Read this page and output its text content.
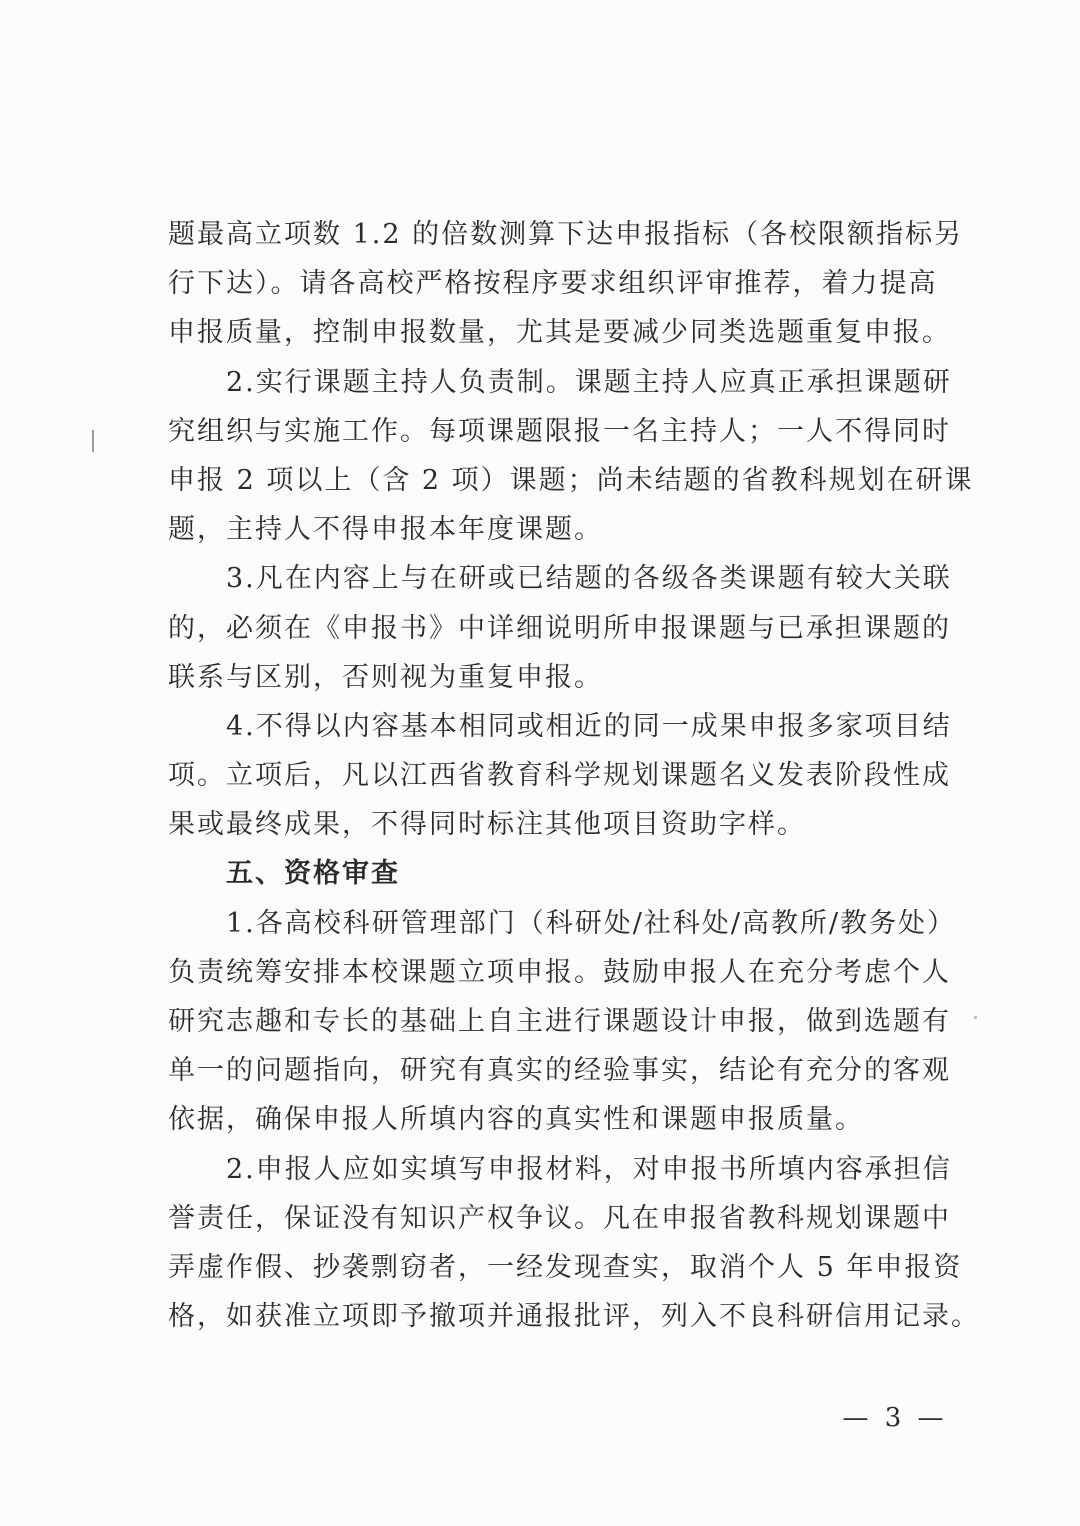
题最高立项数 1.2 的倍数测算下达申报指标（各校限额指标另
行下达）。请各高校严格按程序要求组织评审推荐，着力提高
申报质量，控制申报数量，尤其是要减少同类选题重复申报。
　　2.实行课题主持人负责制。课题主持人应真正承担课题研
究组织与实施工作。每项课题限报一名主持人；一人不得同时
申报 2 项以上（含 2 项）课题；尚未结题的省教科规划在研课
题，主持人不得申报本年度课题。
　　3.凡在内容上与在研或已结题的各级各类课题有较大关联
的，必须在《申报书》中详细说明所申报课题与已承担课题的
联系与区别，否则视为重复申报。
　　4.不得以内容基本相同或相近的同一成果申报多家项目结
项。立项后，凡以江西省教育科学规划课题名义发表阶段性成
果或最终成果，不得同时标注其他项目资助字样。
　　五、资格审查
　　1.各高校科研管理部门（科研处/社科处/高教所/教务处）
负责统筹安排本校课题立项申报。鼓励申报人在充分考虑个人
研究志趣和专长的基础上自主进行课题设计申报，做到选题有
单一的问题指向，研究有真实的经验事实，结论有充分的客观
依据，确保申报人所填内容的真实性和课题申报质量。
　　2.申报人应如实填写申报材料，对申报书所填内容承担信
誉责任，保证没有知识产权争议。凡在申报省教科规划课题中
弄虚作假、抄袭剽窃者，一经发现查实，取消个人 5 年申报资
格，如获准立项即予撤项并通报批评，列入不良科研信用记录。
— 3 —
